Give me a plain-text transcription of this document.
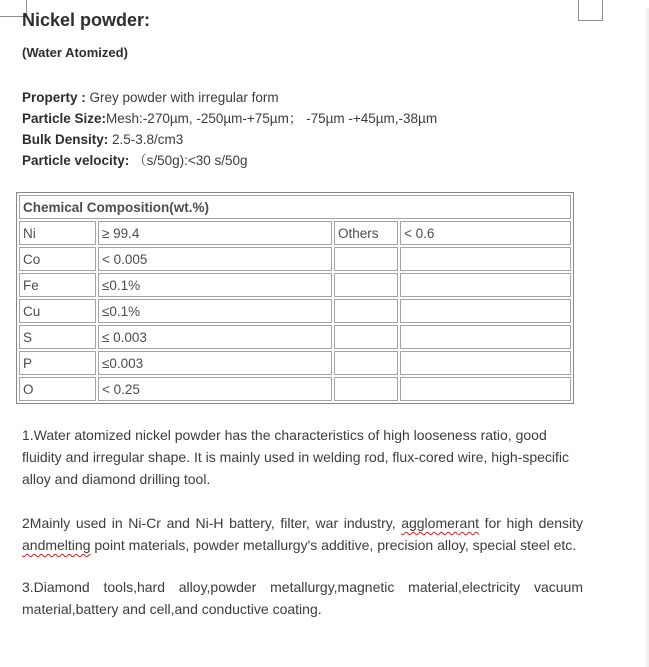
Nickel powder:
(Water Atomized)
Property : Grey powder with irregular form
Particle Size:Mesh:-270µm, -250µm-+75µm； -75µm -+45µm,-38µm
Bulk Density: 2.5-3.8/cm3
Particle velocity: （s/50g):<30 s/50g
Chemical Composition(wt.%)			
Ni	≥ 99.4	Others	< 0.6
Co	< 0.005		
Fe	≤0.1%		
Cu	≤0.1%		
S	≤ 0.003		
P	≤0.003		
O	< 0.25		

1.Water atomized nickel powder has the characteristics of high looseness ratio, good fluidity and irregular shape. It is mainly used in welding rod, flux-cored wire, high-specific alloy and diamond drilling tool.

2Mainly used in Ni-Cr and Ni-H battery, filter, war industry, agglomerant for high density andmelting point materials, powder metallurgy's additive, precision alloy, special steel etc.

3.Diamond tools,hard alloy,powder metallurgy,magnetic material,electricity vacuum material,battery and cell,and conductive coating.
